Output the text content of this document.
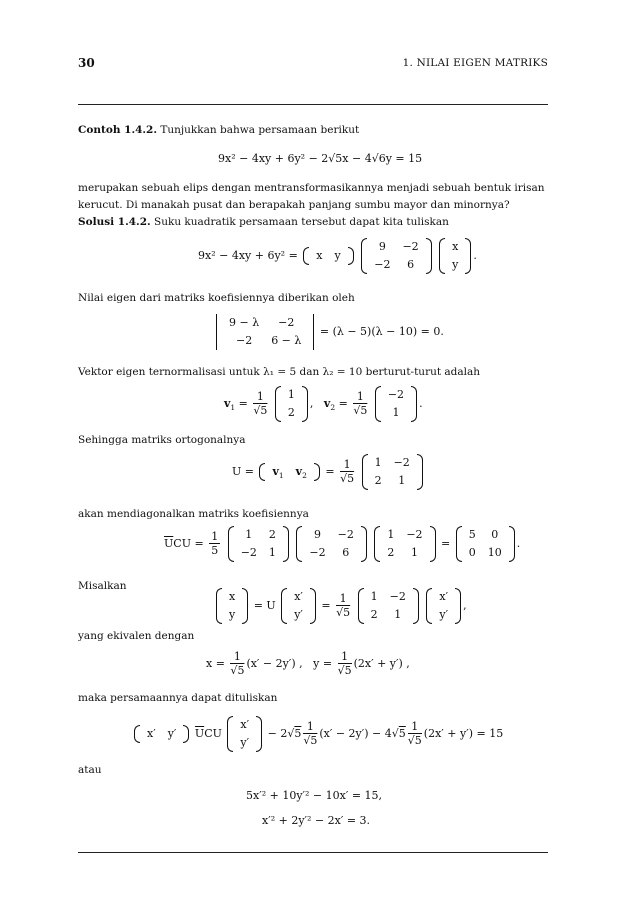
30	1. NILAI EIGEN MATRIKS
Contoh 1.4.2. Tunjukkan bahwa persamaan berikut
9x² − 4xy + 6y² − 2√5x − 4√6y = 15
merupakan sebuah elips dengan mentransformasikannya menjadi sebuah bentuk irisan kerucut. Di manakah pusat dan berapakah panjang sumbu mayor dan minornya?
Solusi 1.4.2. Suku kuadratik persamaan tersebut dapat kita tuliskan
9x² − 4xy + 6y² = x	y

9	−2
−2	6

x
y
.
Nilai eigen dari matriks koefisiennya diberikan oleh
9 − λ	−2
−2	6 − λ
= (λ − 5)(λ − 10) = 0.
Vektor eigen ternormalisasi untuk λ₁ = 5 dan λ₂ = 10 berturut-turut adalah
$v_1 = \frac{1}{√5}$
1
2
,   $v_2 = \frac{1}{√5}$
−2
1
.
Sehingga matriks ortogonalnya
$U = v_1$	$v_2 = \frac{1}{√5}$
1	−2
2	1
akan mendiagonalkan matriks koefisiennya
$\overline{U}CU = \frac{1}{5}$
1	2
−2	1

9	−2
−2	6

1	−2
2	1
=
5	0
0	10
.
Misalkan
x
y
= U
x′
y′
= $\frac{1}{√5}$
1	−2
2	1

x′
y′
,
yang ekivalen dengan
$x = \frac{1}{√5} (x' - 2y')$ ,   $y = \frac{1}{√5} (2x' + y')$ ,
maka persamaannya dapat dituliskan
x′	y′ $\overline{U}CU$
x′
y′
− $2√5 \frac{1}{√5} (x' - 2y') - 4√5 \frac{1}{√5} (2x' + y') = 15$
atau
5x′² + 10y′² − 10x′ = 15,
x′² + 2y′² − 2x′ = 3.
